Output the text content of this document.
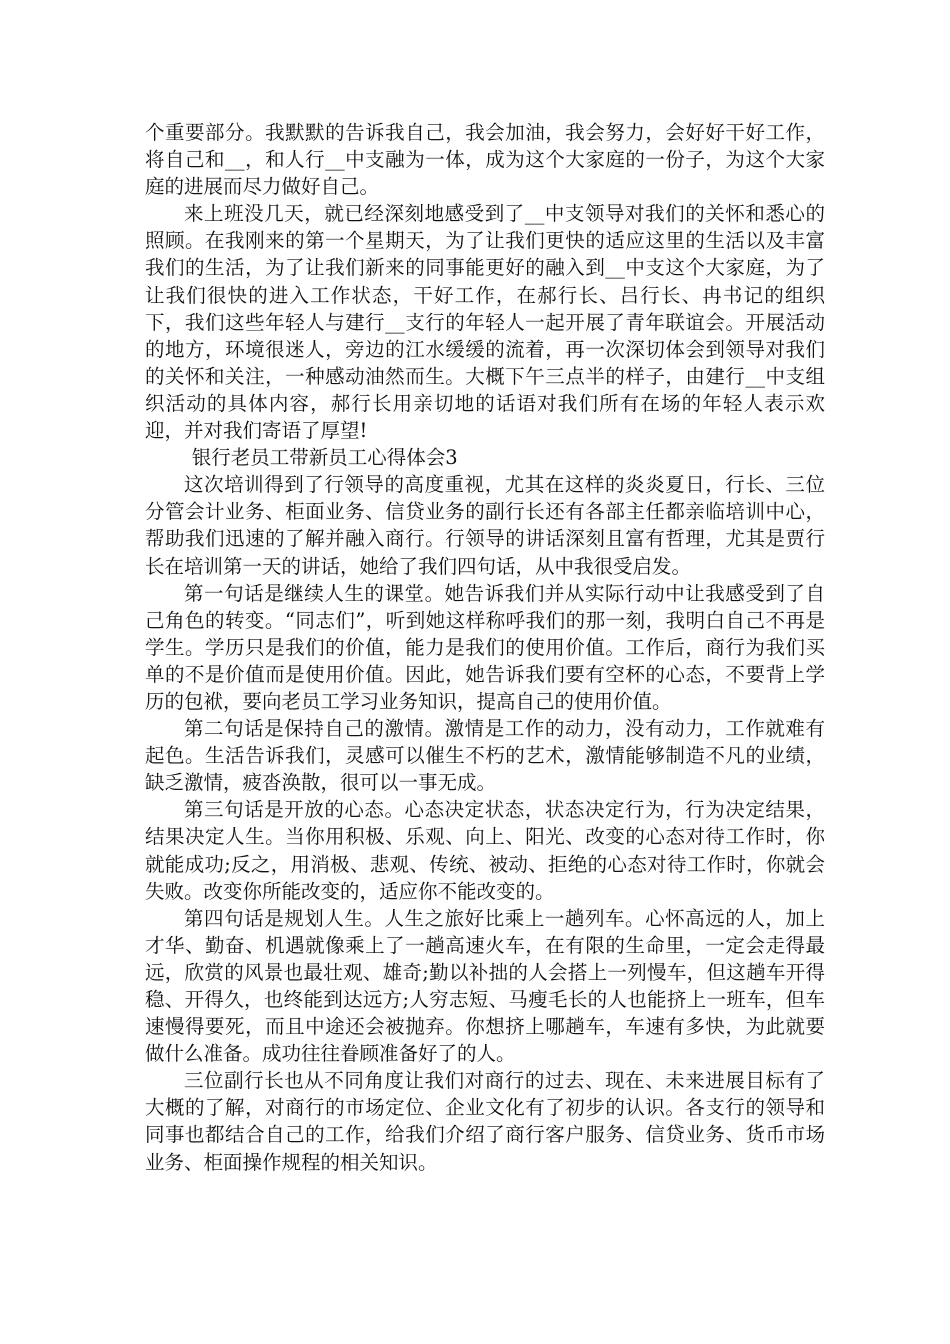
个重要部分。我默默的告诉我自己，我会加油，我会努力，会好好干好工作，将自己和__，和人行__中支融为一体，成为这个大家庭的一份子，为这个大家庭的进展而尽力做好自己。

来上班没几天，就已经深刻地感受到了__中支领导对我们的关怀和悉心的照顾。在我刚来的第一个星期天，为了让我们更快的适应这里的生活以及丰富我们的生活，为了让我们新来的同事能更好的融入到__中支这个大家庭，为了让我们很快的进入工作状态，干好工作，在郝行长、吕行长、冉书记的组织下，我们这些年轻人与建行__支行的年轻人一起开展了青年联谊会。开展活动的地方，环境很迷人，旁边的江水缓缓的流着，再一次深切体会到领导对我们的关怀和关注，一种感动油然而生。大概下午三点半的样子，由建行__中支组织活动的具体内容，郝行长用亲切地的话语对我们所有在场的年轻人表示欢迎，并对我们寄语了厚望!

银行老员工带新员工心得体会3

这次培训得到了行领导的高度重视，尤其在这样的炎炎夏日，行长、三位分管会计业务、柜面业务、信贷业务的副行长还有各部主任都亲临培训中心，帮助我们迅速的了解并融入商行。行领导的讲话深刻且富有哲理，尤其是贾行长在培训第一天的讲话，她给了我们四句话，从中我很受启发。

第一句话是继续人生的课堂。她告诉我们并从实际行动中让我感受到了自己角色的转变。“同志们”，听到她这样称呼我们的那一刻，我明白自己不再是学生。学历只是我们的价值，能力是我们的使用价值。工作后，商行为我们买单的不是价值而是使用价值。因此，她告诉我们要有空杯的心态，不要背上学历的包袱，要向老员工学习业务知识，提高自己的使用价值。

第二句话是保持自己的激情。激情是工作的动力，没有动力，工作就难有起色。生活告诉我们，灵感可以催生不朽的艺术，激情能够制造不凡的业绩，缺乏激情，疲沓涣散，很可以一事无成。

第三句话是开放的心态。心态决定状态，状态决定行为，行为决定结果，结果决定人生。当你用积极、乐观、向上、阳光、改变的心态对待工作时，你就能成功;反之，用消极、悲观、传统、被动、拒绝的心态对待工作时，你就会失败。改变你所能改变的，适应你不能改变的。

第四句话是规划人生。人生之旅好比乘上一趟列车。心怀高远的人，加上才华、勤奋、机遇就像乘上了一趟高速火车，在有限的生命里，一定会走得最远，欣赏的风景也最壮观、雄奇;勤以补拙的人会搭上一列慢车，但这趟车开得稳、开得久，也终能到达远方;人穷志短、马瘦毛长的人也能挤上一班车，但车速慢得要死，而且中途还会被抛弃。你想挤上哪趟车，车速有多快，为此就要做什么准备。成功往往眷顾准备好了的人。

三位副行长也从不同角度让我们对商行的过去、现在、未来进展目标有了大概的了解，对商行的市场定位、企业文化有了初步的认识。各支行的领导和同事也都结合自己的工作，给我们介绍了商行客户服务、信贷业务、货币市场业务、柜面操作规程的相关知识。
